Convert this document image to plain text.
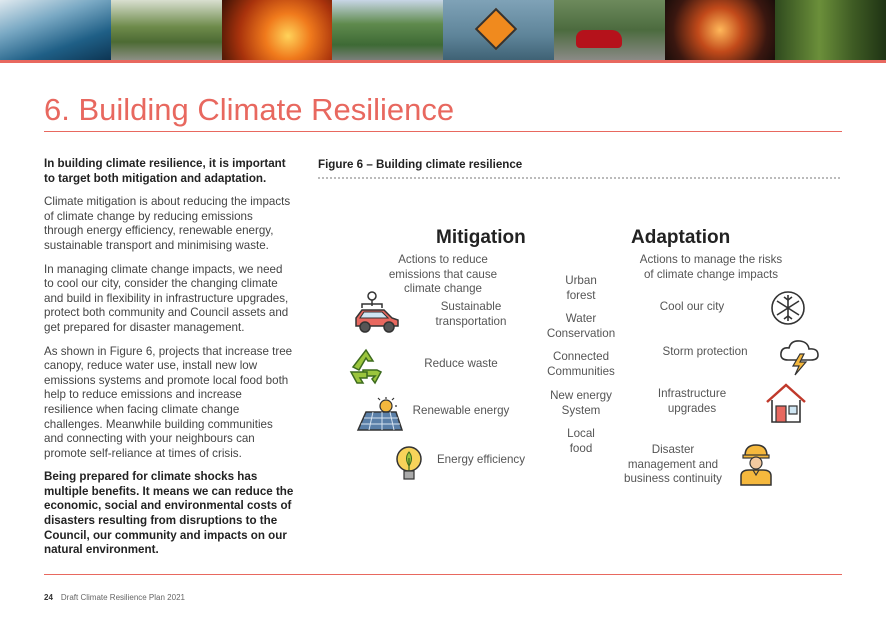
6. Building Climate Resilience

In building climate resilience, it is important to target both mitigation and adaptation.

Climate mitigation is about reducing the impacts of climate change by reducing emissions through energy efficiency, renewable energy, sustainable transport and minimising waste.

In managing climate change impacts, we need to cool our city, consider the changing climate and build in flexibility in infrastructure upgrades, protect both community and Council assets and get prepared for disaster management.

As shown in Figure 6, projects that increase tree canopy, reduce water use, install new low emissions systems and promote local food both help to reduce emissions and increase resilience when facing climate change challenges. Meanwhile building communities and connecting with your neighbours can promote self-reliance at times of crisis.

Being prepared for climate shocks has multiple benefits. It means we can reduce the economic, social and environmental costs of disasters resulting from disruptions to the Council, our community and impacts on our natural environment.

Figure 6 – Building climate resilience
Mitigation
Actions to reduce emissions that cause climate change
Adaptation
Actions to manage the risks of climate change impacts
Sustainable transportation
Reduce waste
Renewable energy
Energy efficiency
Urban forest
Water Conservation
Connected Communities
New energy System
Local food
Cool our city
Storm protection
Infrastructure upgrades
Disaster management and business continuity
24 Draft Climate Resilience Plan 2021
